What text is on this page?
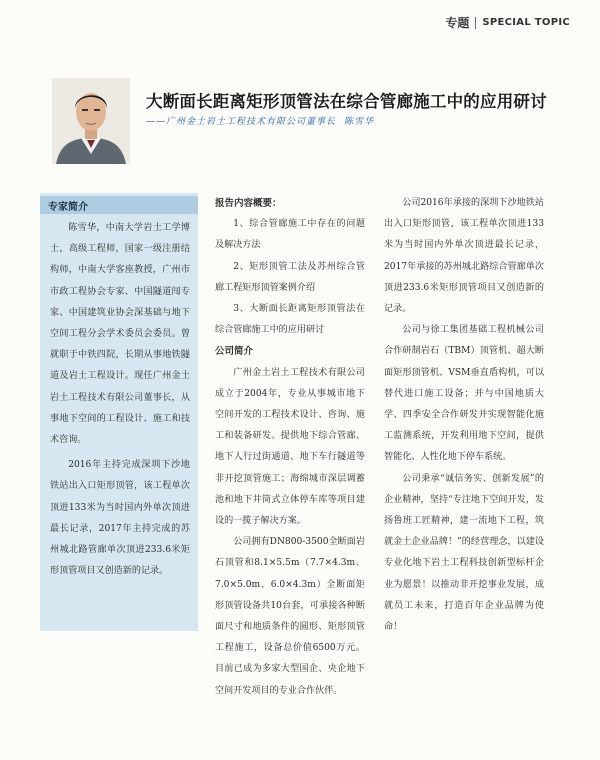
专题 SPECIAL TOPIC
大断面长距离矩形顶管法在综合管廊施工中的应用研讨
——广州金土岩土工程技术有限公司董事长 陈雪华
专家简介

陈雪华，中南大学岩土工学博士，高级工程师，国家一级注册结构师，中南大学客座教授，广州市市政工程协会专家、中国隧道闯专家、中国建筑业协会深基础与地下空间工程分会学术委员会委员。曾就职于中铁四院，长期从事地铁隧道及岩土工程设计。现任广州金土岩土工程技术有限公司董事长，从事地下空间的工程设计、施工和技术咨询。

2016年主持完成深圳下沙地铁站出入口矩形顶管，该工程单次顶进133米为当时国内外单次顶进最长记录，2017年主持完成的苏州城北路管廊单次顶进233.6米矩形顶管项目又创造新的记录。

报告内容概要：

1、综合管廊施工中存在的问题及解决方法

2、矩形顶管工法及苏州综合管廊工程矩形顶管案例介绍

3、大断面长距离矩形顶管法在综合管廊施工中的应用研讨

公司简介

广州金土岩土工程技术有限公司成立于2004年，专业从事城市地下空间开发的工程技术设计、咨询、施工和装备研发。提供地下综合管廊、地下人行过街通道、地下车行隧道等非开挖顶管施工；海绵城市深层调蓄池和地下井筒式立体停车库等项目建设的一揽子解决方案。

公司拥有DN800-3500全断面岩石顶管和8.1×5.5m（7.7×4.3m、7.0×5.0m、6.0×4.3m）全断面矩形顶管设备共10台套，可承接各种断面尺寸和地质条件的圆形、矩形顶管工程施工，设备总价值6500万元。目前已成为多家大型国企、央企地下空间开发项目的专业合作伙伴。

公司2016年承接的深圳下沙地铁站出入口矩形顶管，该工程单次顶进133米为当时国内外单次顶进最长记录，2017年承接的苏州城北路综合管廊单次顶进233.6米矩形顶管项目又创造新的记录。

公司与徐工集团基础工程机械公司合作研制岩石（TBM）顶管机、超大断面矩形顶管机、VSM垂直盾构机，可以替代进口施工设备；并与中国地质大学、四季安全合作研发并实现智能化施工监测系统，开发利用地下空间，提供智能化、人性化地下停车系统。

公司秉承“诚信务实、创新发展”的企业精神，坚持“专注地下空间开发，发扬鲁班工匠精神，建一流地下工程，筑就金土企业品牌！”的经营理念，以建设专业化地下岩土工程科技创新型标杆企业为愿景！以推动非开挖事业发展，成就员工未来，打造百年企业品牌为使命！
